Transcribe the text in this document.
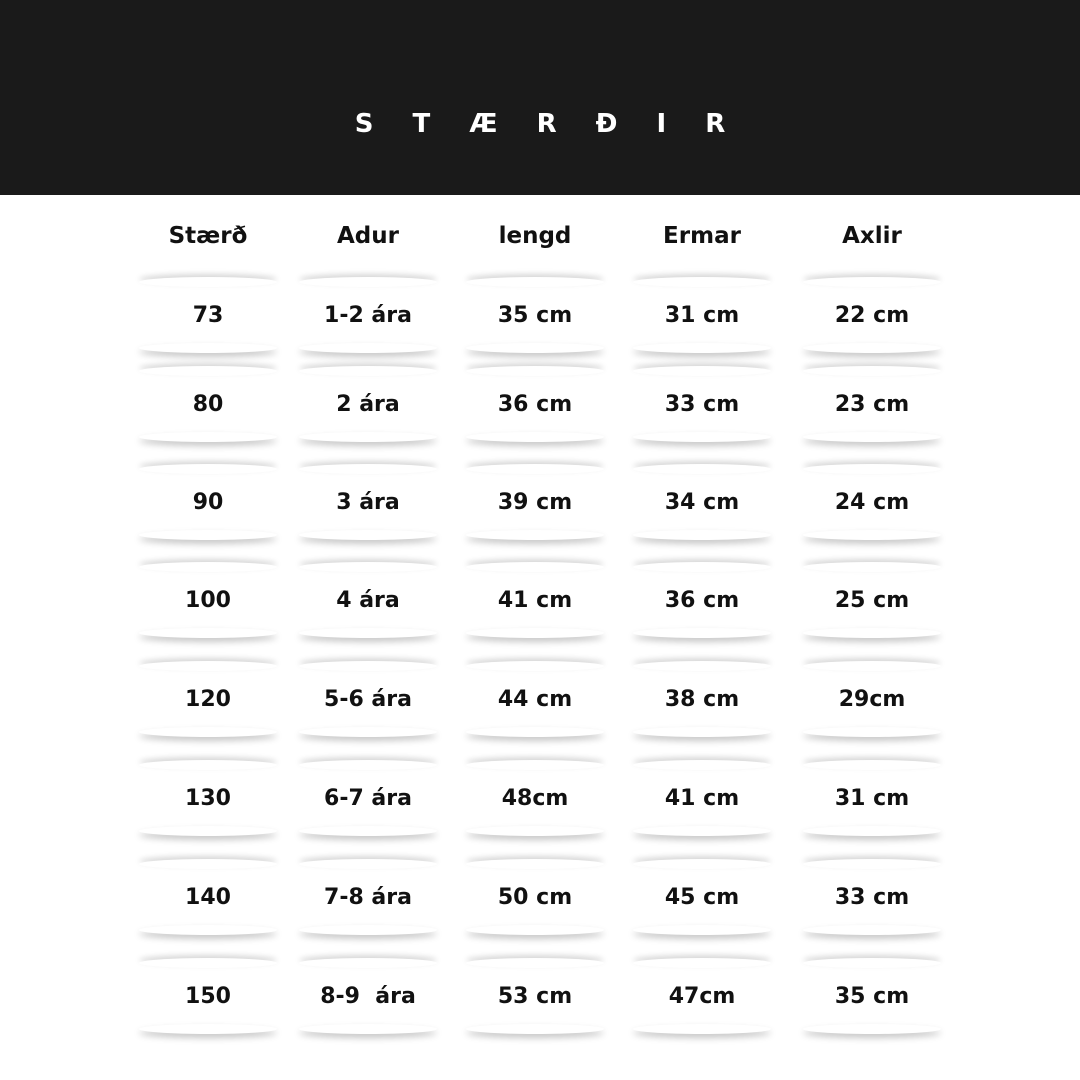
S T Æ R Ð I R
Stærð	Adur	lengd	Ermar	Axlir
73	1-2 ára	35 cm	31 cm	22 cm
80	2 ára	36 cm	33 cm	23 cm
90	3 ára	39 cm	34 cm	24 cm
100	4 ára	41 cm	36 cm	25 cm
120	5-6 ára	44 cm	38 cm	29cm
130	6-7 ára	48cm	41 cm	31 cm
140	7-8 ára	50 cm	45 cm	33 cm
150	8-9  ára	53 cm	47cm	35 cm
